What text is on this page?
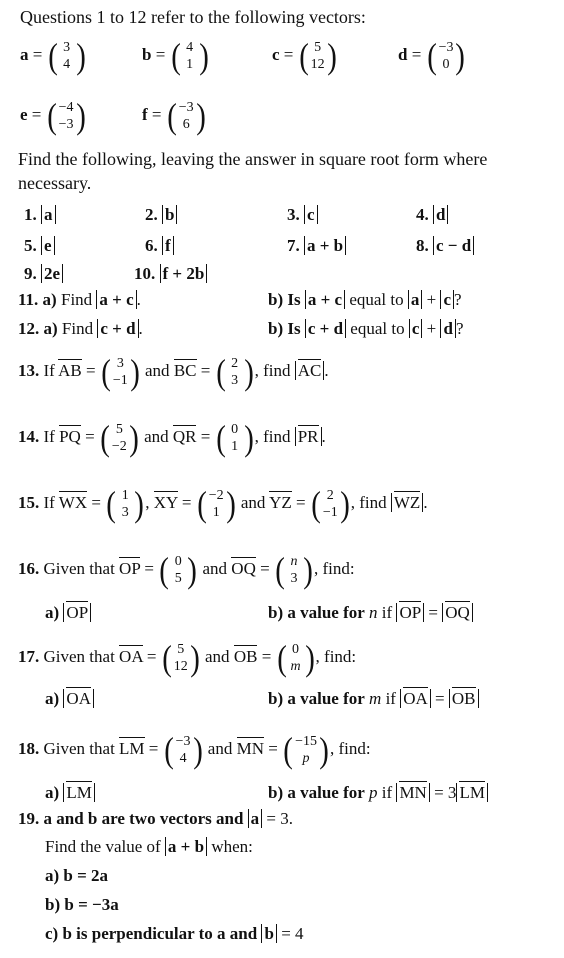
Questions 1 to 12 refer to the following vectors:
a = ( 3
4 )	b = ( 4
1 )	c = ( 5
12 )	d = ( −3
0 )
e = ( −4
−3 )	f = ( −3
6 )
Find the following, leaving the answer in square root form where
necessary.
1. a	2. b	3. c	4. d
5. e	6. f	7. a + b	8. c − d
9. 2e	10. f + 2b
11. a) Find a + c .	b) Is a + c equal to a + c ?
12. a) Find c + d .	b) Is c + d equal to c + d ?
13. If AB = ( 3
−1 ) and BC = ( 2
3 ) , find AC .
14. If PQ = ( 5
−2 ) and QR = ( 0
1 ) , find PR .
15. If WX = ( 1
3 ) , XY = ( −2
1 ) and YZ = ( 2
−1 ) , find WZ .
16. Given that OP = ( 0
5 ) and OQ = ( n
3 ) , find:
a) OP	b) a value for n if OP = OQ
17. Given that OA = ( 5
12 ) and OB = ( 0
m ) , find:
a) OA	b) a value for m if OA = OB
18. Given that LM = ( −3
4 ) and MN = ( −15
p ) , find:
a) LM	b) a value for p if MN = 3 LM
19. a and b are two vectors and a = 3.
Find the value of a + b when:
a) b = 2a
b) b = −3a
c) b is perpendicular to a and b = 4
